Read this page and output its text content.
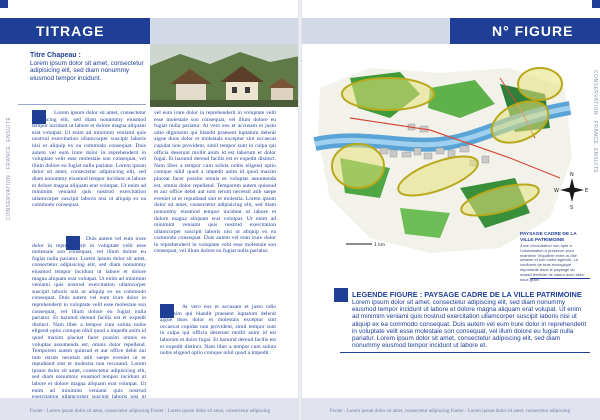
TITRAGE
CONSERVATION : FRANCE, ENSUITE
Titre Chapeau :
Lorem ipsum dolor sit amet, consectetur adipisicing elit, sed diam nonummy eiusmod tempor incidunt.
Lorem ipsum dolor sit amet, consectetur adipisicing elit, sed diam nonummy eiusmod tempor incidunt ut labore et dolore magna aliquam erat volutpat. Ut enim ad minimim veniami quis nostrud exercitation ullamcorper suscipit laboris nisi ut aliquip ex ea commodo consequat. Duis autem vel eum irure dolor in reprehenderit in voluptate velit esse molestaie son consequat, vel illum dolore eu fugiat nulla pariatur. Lorem ipsum dolor sit amet, consectetur adipisicing elit, sed diam nonummy eiusmod tempor incidunt ut labore et dolore magna aliquam erat volutpat. Ut enim ad minimim veniami quis nostrud exercitation ullamcorper suscipit laboris nisi ut aliquip ex ea commodo consequat.
Duis autem vel eum irure dolor in reprehenderit in voluptate velit esse molestaie son consequat, vel illum dolore eu fugiat nulla pariatur. Lorem ipsum dolor sit amet, consectetur adipisicing elit, sed diam nonummy eiusmod tempor incidunt ut labore et dolore magna aliquam erat volutpat. Ut enim ad minimim veniami quis nostrud exercitation ullamcorper suscipit laboris nisi ut aliquip ex ea commodo consequat. Duis autem vel eum irure dolor in reprehenderit in voluptate velit esse molestaie son consequat, vel illum dolore eu fugiat nulla pariatur. Et harumd dereud facilis est er expedit distinct. Nam liber a tempor cum soluta nobis eligend optio comque nihil quod a impedit anim id quod maxim placeat facer possim omnis es voluptas assumenda est, omnis dolor repellend. Temporem autem quinsud et aur office debit aut tum rerum necessit atib saepe eveniet ut er repudiand sint et molestia non recusand. Lorem ipsum dolor sit amet, consectetur adipisicing elit, sed diam nonummy eiusmod tempor incidunt ut labore et dolore magna aliquam erat volutpat. Ut enim ad minimim veniami quis nostrud
vel eum irure dolor in reprehenderit in voluptate velit esse molestaie son consequat, vel illum dolore eu fugiat nulla pariatur. At vero eos et accusam et justo odio dignissim qui blandit praesent luptatum delenit aigue duos dolor et molestais exceptur sint occaecat cupidat non provident, simil tempor sunt in culpa qui officia deserunt mollit anim id est laborum et dolor fugai. Et harumd dereud facilis est er expedit distinct. Nam liber a tempor cum soluta nobis eligend optio comque nihil quod a impedit anim id quod maxim placeat facer possim omnis es voluptas assumenda est, omnis dolor repellend. Temporem autem quinsud et aur office debit aut tum rerum necessit atib saepe eveniet ut er repudiand sint et molestia. Lorem ipsum dolor sit amet, consectetur adipisicing elit, sed diam nonummy eiusmod tempor incidunt ut labore et dolore magna aliquam erat volutpat. Ut enim ad minimim veniami quis nostrud exercitation ullamcorper suscipit laboris nisi ut aliquip ex ea commodo consequat. Duis autem vel eum irure dolor in reprehenderit in voluptate velit esse molestaie son consequat, vel illum dolore eu fugiat nulla pariatur.
At vero eos et accusam et justo odio dignissim qui blandit praesent luptatum delenit aigue duos dolor et molestais exceptur sint occaecat cupidat non provident, simil tempor sunt in culpa qui officia deserunt mollit anim id est laborum et dolor fugai. Et harumd dereud facilis est er expedit distinct. Nam liber a tempor cum soluta nobis eligend optio comque nihil quod a impedit.
Footer : Lorem ipsum dolor sit amet, consectetur adipiscing Footer : Lorem ipsum dolor sit amet, consectetur adipiscing
N° FIGURE
CONSERVATION : FRANCE, ENSUITE
N
S
E
W
1 km
PAYSAGE CADRE DE LA VILLE PATRIMOINE
Zone d'inondation non apte à l'urbanisation à préserver pour maintenir l'équilibre entre la ville urbaine et son cadre agricole. Le confluent de bras écologique importante dans le paysage du massif territoire de valeur avec sites eaux grain.
LEGENDE FIGURE : PAYSAGE CADRE DE LA VILLE PATRIMOINE
Lorem ipsum dolor sit amet, consectetur adipiscing elit, sed diam nonummy eiusmod tempor incidunt ut labore et dolore magna aliquam erat volupat. Ut enim ad minimim veniami quis nostrud exercitation ullamcorper suscipit laboris nisi ut aliquip ex ea commodo consequat. Duis autem vel eum irure dolor in reprehenderit in voluptate velit esse molestaie son consequat, vel illum dolore eu fugiat nulla pariatur. Lorem ipsum dolor sit amet, consectetur adipiscing elit, sed diam nonummy eiusmod tempor incidunt ut labore et.
Footer : Lorem ipsum dolor sit amet, consectetur adipiscing Footer : Lorem ipsum dolor sit amet, consectetur adipiscing
